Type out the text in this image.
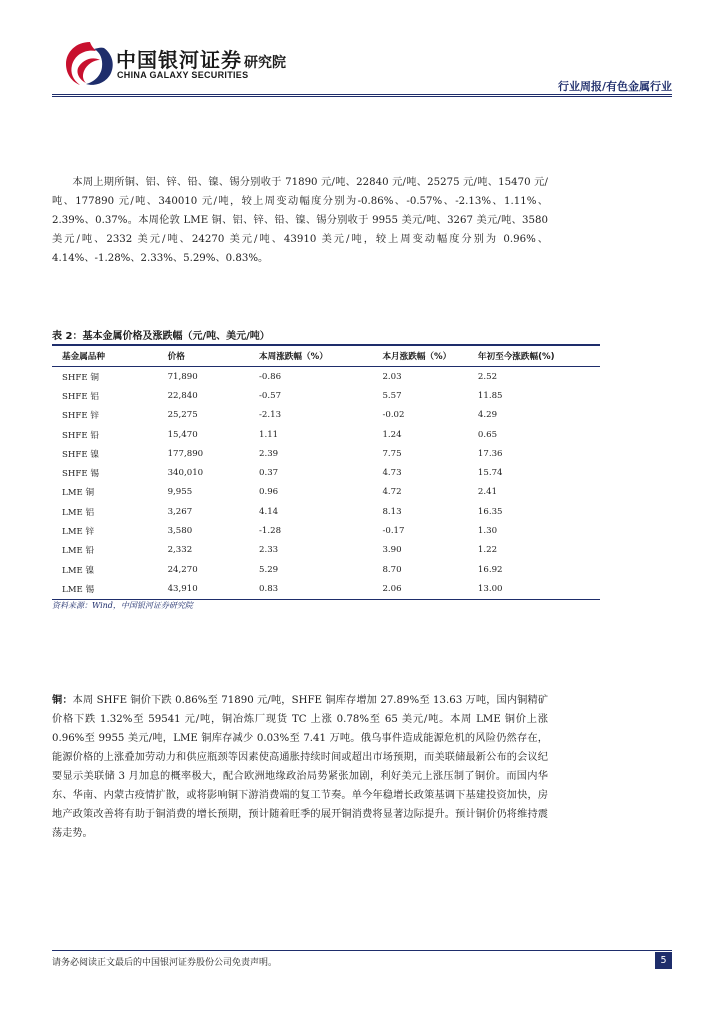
中国银河证券
CHINA GALAXY SECURITIES
研究院
行业周报/有色金属行业

本周上期所铜、铝、锌、铅、镍、锡分别收于 71890 元/吨、22840 元/吨、25275 元/吨、15470 元/吨、177890 元/吨、340010 元/吨，较上周变动幅度分别为-0.86%、-0.57%、-2.13%、1.11%、2.39%、0.37%。本周伦敦 LME 铜、铝、锌、铅、镍、锡分别收于 9955 美元/吨、3267 美元/吨、3580 美元/吨、2332 美元/吨、24270 美元/吨、43910 美元/吨，较上周变动幅度分别为 0.96%、4.14%、-1.28%、2.33%、5.29%、0.83%。

表 2：基本金属价格及涨跌幅（元/吨、美元/吨）
基金属品种	价格	本周涨跌幅（%）	本月涨跌幅（%）	年初至今涨跌幅(%)
SHFE 铜	71,890	-0.86	2.03	2.52
SHFE 铝	22,840	-0.57	5.57	11.85
SHFE 锌	25,275	-2.13	-0.02	4.29
SHFE 铅	15,470	1.11	1.24	0.65
SHFE 镍	177,890	2.39	7.75	17.36
SHFE 锡	340,010	0.37	4.73	15.74
LME 铜	9,955	0.96	4.72	2.41
LME 铝	3,267	4.14	8.13	16.35
LME 锌	3,580	-1.28	-0.17	1.30
LME 铅	2,332	2.33	3.90	1.22
LME 镍	24,270	5.29	8.70	16.92
LME 锡	43,910	0.83	2.06	13.00
资料来源：Wind，中国银河证券研究院

铜：本周 SHFE 铜价下跌 0.86%至 71890 元/吨，SHFE 铜库存增加 27.89%至 13.63 万吨，国内铜精矿价格下跌 1.32%至 59541 元/吨，铜冶炼厂现货 TC 上涨 0.78%至 65 美元/吨。本周 LME 铜价上涨 0.96%至 9955 美元/吨，LME 铜库存减少 0.03%至 7.41 万吨。俄乌事件造成能源危机的风险仍然存在，能源价格的上涨叠加劳动力和供应瓶颈等因素使高通胀持续时间或超出市场预期，而美联储最新公布的会议纪要显示美联储 3 月加息的概率极大，配合欧洲地缘政治局势紧张加剧，利好美元上涨压制了铜价。而国内华东、华南、内蒙古疫情扩散，或将影响铜下游消费端的复工节奏。单今年稳增长政策基调下基建投资加快，房地产政策改善将有助于铜消费的增长预期，预计随着旺季的展开铜消费将显著边际提升。预计铜价仍将维持震荡走势。

请务必阅读正文最后的中国银河证券股份公司免责声明。	5
